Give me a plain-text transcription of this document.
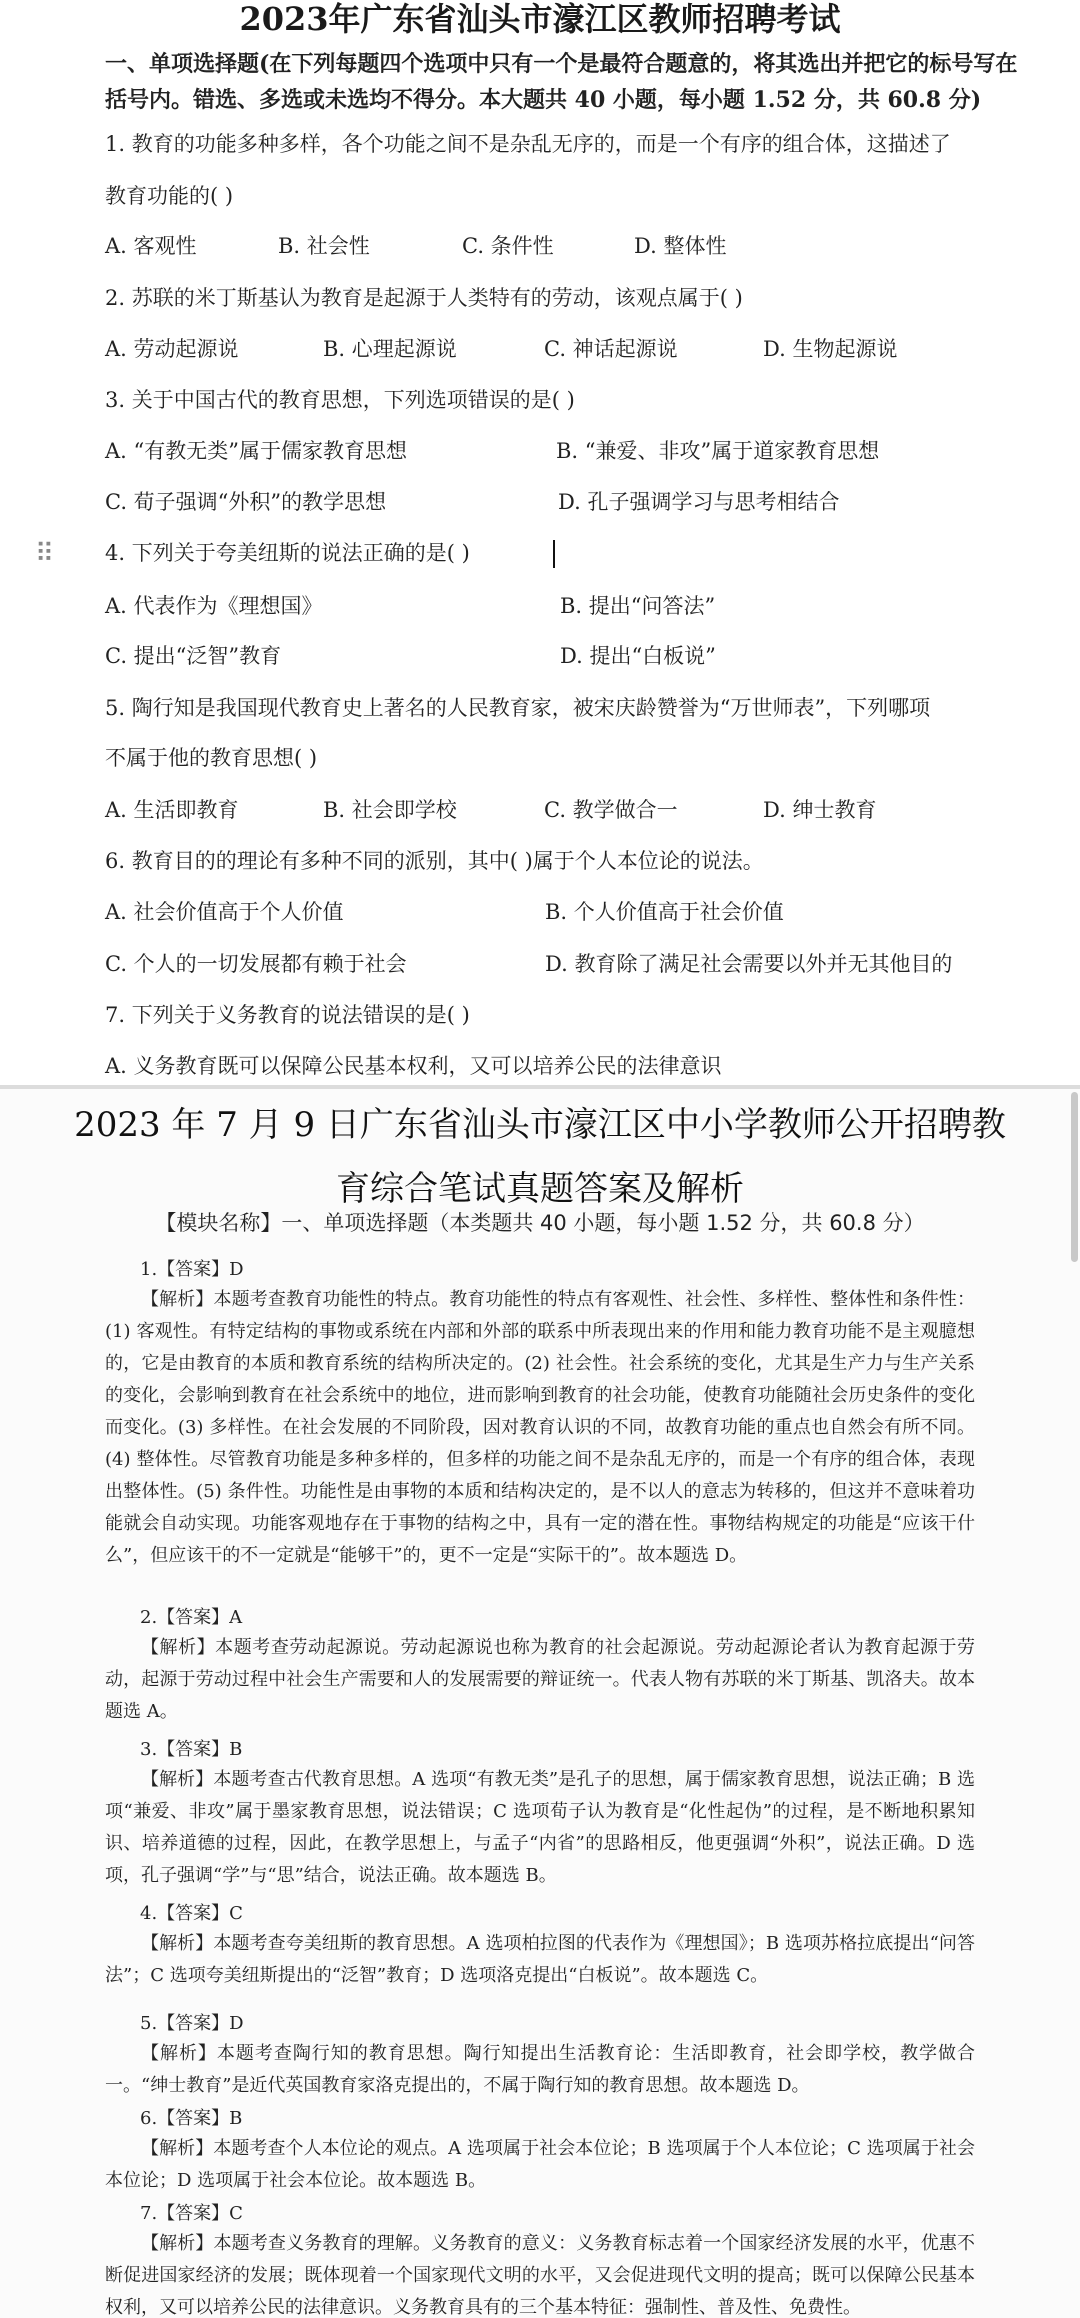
2023年广东省汕头市濠江区教师招聘考试
一、单项选择题(在下列每题四个选项中只有一个是最符合题意的，将其选出并把它的标号写在括号内。错选、多选或未选均不得分。本大题共 40 小题，每小题 1.52 分，共 60.8 分)
1. 教育的功能多种多样，各个功能之间不是杂乱无序的，而是一个有序的组合体，这描述了
教育功能的( )
A. 客观性	B. 社会性	C. 条件性	D. 整体性
2. 苏联的米丁斯基认为教育是起源于人类特有的劳动，该观点属于( )
A. 劳动起源说	B. 心理起源说	C. 神话起源说	D. 生物起源说
3. 关于中国古代的教育思想，下列选项错误的是( )
A. “有教无类”属于儒家教育思想	B. “兼爱、非攻”属于道家教育思想
C. 荀子强调“外积”的教学思想	D. 孔子强调学习与思考相结合
⠿ 4. 下列关于夸美纽斯的说法正确的是( )
A. 代表作为《理想国》	B. 提出“问答法”
C. 提出“泛智”教育	D. 提出“白板说”
5. 陶行知是我国现代教育史上著名的人民教育家，被宋庆龄赞誉为“万世师表”，下列哪项
不属于他的教育思想( )
A. 生活即教育	B. 社会即学校	C. 教学做合一	D. 绅士教育
6. 教育目的的理论有多种不同的派别，其中( )属于个人本位论的说法。
A. 社会价值高于个人价值	B. 个人价值高于社会价值
C. 个人的一切发展都有赖于社会	D. 教育除了满足社会需要以外并无其他目的
7. 下列关于义务教育的说法错误的是( )
A. 义务教育既可以保障公民基本权利，又可以培养公民的法律意识
2023 年 7 月 9 日广东省汕头市濠江区中小学教师公开招聘教育综合笔试真题答案及解析
【模块名称】一、单项选择题（本类题共 40 小题，每小题 1.52 分，共 60.8 分）
1.【答案】D
【解析】本题考查教育功能性的特点。教育功能性的特点有客观性、社会性、多样性、整体性和条件性：(1) 客观性。有特定结构的事物或系统在内部和外部的联系中所表现出来的作用和能力教育功能不是主观臆想的，它是由教育的本质和教育系统的结构所决定的。(2) 社会性。社会系统的变化，尤其是生产力与生产关系的变化，会影响到教育在社会系统中的地位，进而影响到教育的社会功能，使教育功能随社会历史条件的变化而变化。(3) 多样性。在社会发展的不同阶段，因对教育认识的不同，故教育功能的重点也自然会有所不同。(4) 整体性。尽管教育功能是多种多样的，但多样的功能之间不是杂乱无序的，而是一个有序的组合体，表现出整体性。(5) 条件性。功能性是由事物的本质和结构决定的，是不以人的意志为转移的，但这并不意味着功能就会自动实现。功能客观地存在于事物的结构之中，具有一定的潜在性。事物结构规定的功能是“应该干什么”，但应该干的不一定就是“能够干”的，更不一定是“实际干的”。故本题选 D。
2.【答案】A
【解析】本题考查劳动起源说。劳动起源说也称为教育的社会起源说。劳动起源论者认为教育起源于劳动，起源于劳动过程中社会生产需要和人的发展需要的辩证统一。代表人物有苏联的米丁斯基、凯洛夫。故本题选 A。
3.【答案】B
【解析】本题考查古代教育思想。A 选项“有教无类”是孔子的思想，属于儒家教育思想，说法正确；B 选项“兼爱、非攻”属于墨家教育思想，说法错误；C 选项荀子认为教育是“化性起伪”的过程，是不断地积累知识、培养道德的过程，因此，在教学思想上，与孟子“内省”的思路相反，他更强调“外积”，说法正确。D 选项，孔子强调“学”与“思”结合，说法正确。故本题选 B。
4.【答案】C
【解析】本题考查夸美纽斯的教育思想。A 选项柏拉图的代表作为《理想国》；B 选项苏格拉底提出“问答法”；C 选项夸美纽斯提出的“泛智”教育；D 选项洛克提出“白板说”。故本题选 C。
5.【答案】D
【解析】本题考查陶行知的教育思想。陶行知提出生活教育论：生活即教育，社会即学校，教学做合一。“绅士教育”是近代英国教育家洛克提出的，不属于陶行知的教育思想。故本题选 D。
6.【答案】B
【解析】本题考查个人本位论的观点。A 选项属于社会本位论；B 选项属于个人本位论；C 选项属于社会本位论；D 选项属于社会本位论。故本题选 B。
7.【答案】C
【解析】本题考查义务教育的理解。义务教育的意义：义务教育标志着一个国家经济发展的水平，优惠不断促进国家经济的发展；既体现着一个国家现代文明的水平，又会促进现代文明的提高；既可以保障公民基本权利，又可以培养公民的法律意识。义务教育具有的三个基本特征：强制性、普及性、免费性。
